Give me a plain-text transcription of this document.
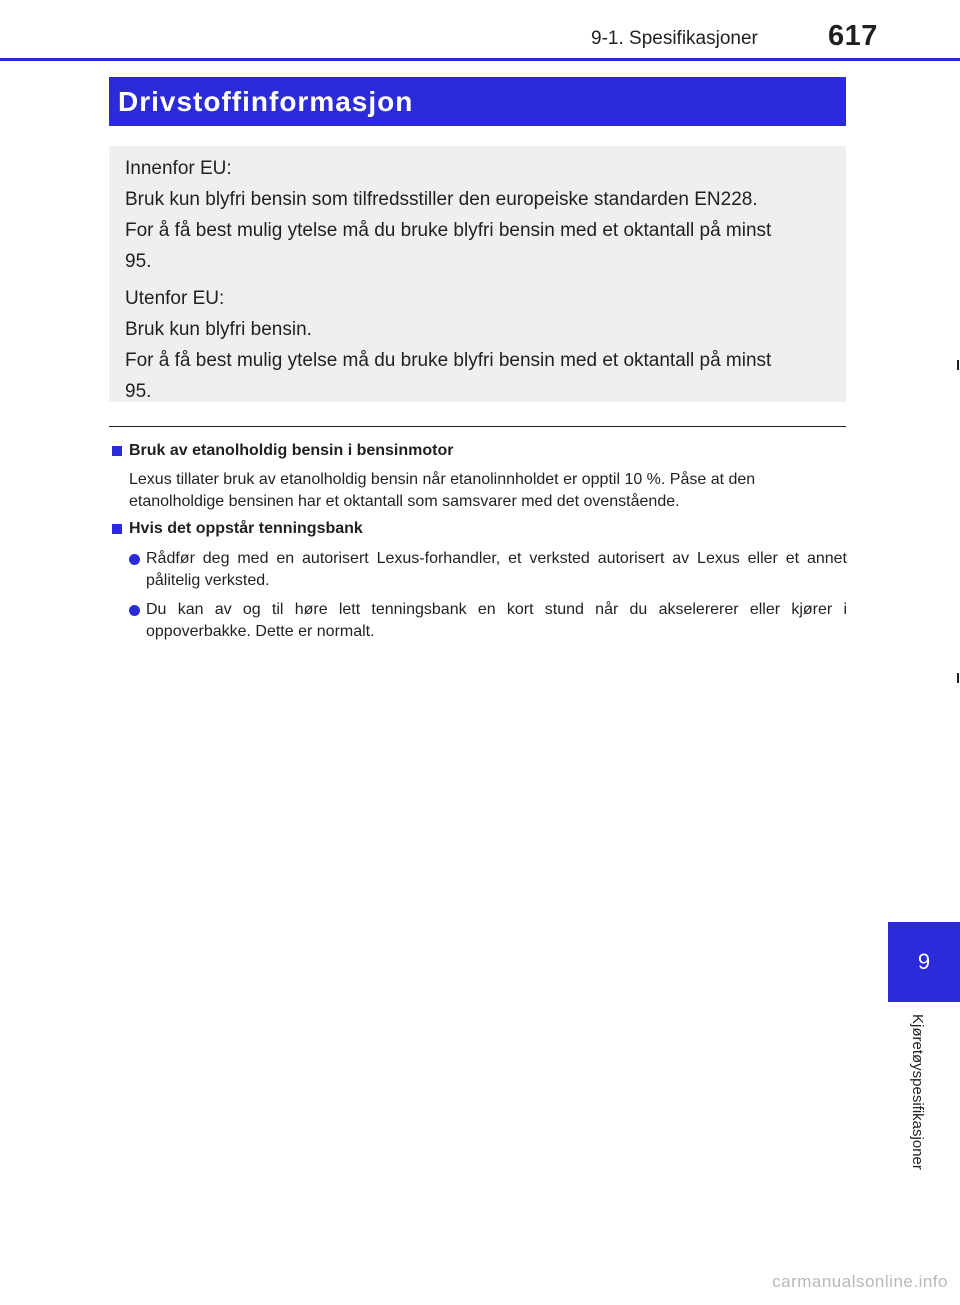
9-1. Spesifikasjoner 617
Drivstoffinformasjon
Innenfor EU:
Bruk kun blyfri bensin som tilfredsstiller den europeiske standarden EN228.
For å få best mulig ytelse må du bruke blyfri bensin med et oktantall på minst
95.
Utenfor EU:
Bruk kun blyfri bensin.
For å få best mulig ytelse må du bruke blyfri bensin med et oktantall på minst
95.
Bruk av etanolholdig bensin i bensinmotor
Lexus tillater bruk av etanolholdig bensin når etanolinnholdet er opptil 10 %. Påse at den etanolholdige bensinen har et oktantall som samsvarer med det ovenstående.
Hvis det oppstår tenningsbank
Rådfør deg med en autorisert Lexus-forhandler, et verksted autorisert av Lexus eller et annet pålitelig verksted.
Du kan av og til høre lett tenningsbank en kort stund når du akselererer eller kjører i oppoverbakke. Dette er normalt.
9
Kjøretøyspesifikasjoner
carmanualsonline.info
